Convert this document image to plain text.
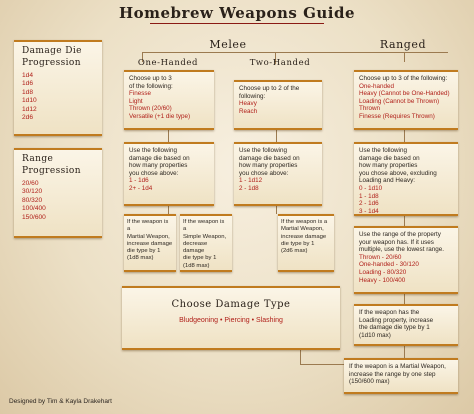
Homebrew Weapons Guide
Damage Die
Progression
1d4
1d6
1d8
1d10
1d12
2d6
Range
Progression
20/60
30/120
80/320
100/400
150/600
Melee	Ranged
One-Handed	Two-Handed
Choose up to 3
of the following:
Finesse
Light
Thrown (20/60)
Versatile (+1 die type)
Choose up to 2 of the
following:
Heavy
Reach
Choose up to 3 of the following:
One-handed
Heavy (Cannot be One-Handed)
Loading (Cannot be Thrown)
Thrown
Finesse (Requires Thrown)
Use the following
damage die based on
how many properties
you chose above:
1 - 1d6
2+ - 1d4
Use the following
damage die based on
how many properties
you chose above:
1 - 1d12
2 - 1d8
Use the following
damage die based on
how many properties
you chose above, excluding
Loading and Heavy:
0 - 1d10
1 - 1d8
2 - 1d6
3 - 1d4
If the weapon is a
Martial Weapon,
increase damage
die type by 1
(1d8 max)
If the weapon is a
Simple Weapon,
decrease damage
die type by 1
(1d8 max)
If the weapon is a
Martial Weapon,
increase damage
die type by 1
(2d6 max)
Use the range of the property
your weapon has. If it uses
multiple, use the lowest range.
Thrown - 20/60
One-handed - 30/120
Loading - 80/320
Heavy - 100/400
Choose Damage Type
Bludgeoning • Piercing • Slashing
If the weapon has the
Loading property, increase
the damage die type by 1
(1d10 max)
If the weapon is a Martial Weapon,
increase the range by one step
(150/600 max)
Designed by Tim & Kayla Drakehart
